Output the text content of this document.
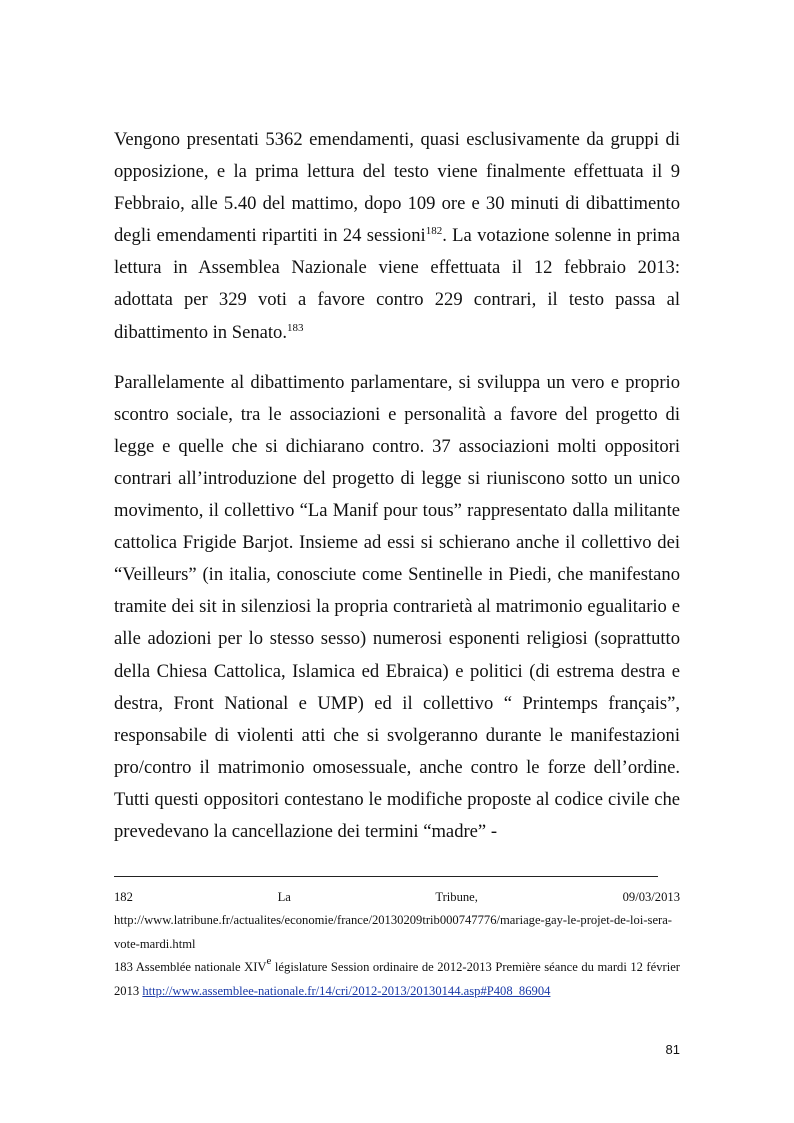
Vengono presentati 5362 emendamenti, quasi esclusivamente da gruppi di opposizione, e la prima lettura del testo viene finalmente effettuata il 9 Febbraio, alle 5.40 del mattimo, dopo 109 ore e 30 minuti di dibattimento degli emendamenti ripartiti in 24 sessioni$^{182}$. La votazione solenne in prima lettura in Assemblea Nazionale viene effettuata il 12 febbraio 2013: adottata per 329 voti a favore contro 229 contrari, il testo passa al dibattimento in Senato.$^{183}$

Parallelamente al dibattimento parlamentare, si sviluppa un vero e proprio scontro sociale, tra le associazioni e personalità a favore del progetto di legge e quelle che si dichiarano contro. 37 associazioni molti oppositori contrari all’introduzione del progetto di legge si riuniscono sotto un unico movimento, il collettivo “La Manif pour tous” rappresentato dalla militante cattolica Frigide Barjot. Insieme ad essi si schierano anche il collettivo dei “Veilleurs” (in italia, conosciute come Sentinelle in Piedi, che manifestano tramite dei sit in silenziosi la propria contrarietà al matrimonio egualitario e alle adozioni per lo stesso sesso) numerosi esponenti religiosi (soprattutto della Chiesa Cattolica, Islamica ed Ebraica) e politici (di estrema destra e destra, Front National e UMP) ed il collettivo “ Printemps français”, responsabile di violenti atti che si svolgeranno durante le manifestazioni pro/contro il matrimonio omosessuale, anche contro le forze dell’ordine. Tutti questi oppositori contestano le modifiche proposte al codice civile che prevedevano la cancellazione dei termini “madre” -

182 La Tribune, 09/03/2013 http://www.latribune.fr/actualites/economie/france/20130209trib000747776/mariage-gay-le-projet-de-loi-sera-vote-mardi.html

183 Assemblée nationale XIVe législature Session ordinaire de 2012-2013 Première séance du mardi 12 février 2013 http://www.assemblee-nationale.fr/14/cri/2012-2013/20130144.asp#P408_86904

81
